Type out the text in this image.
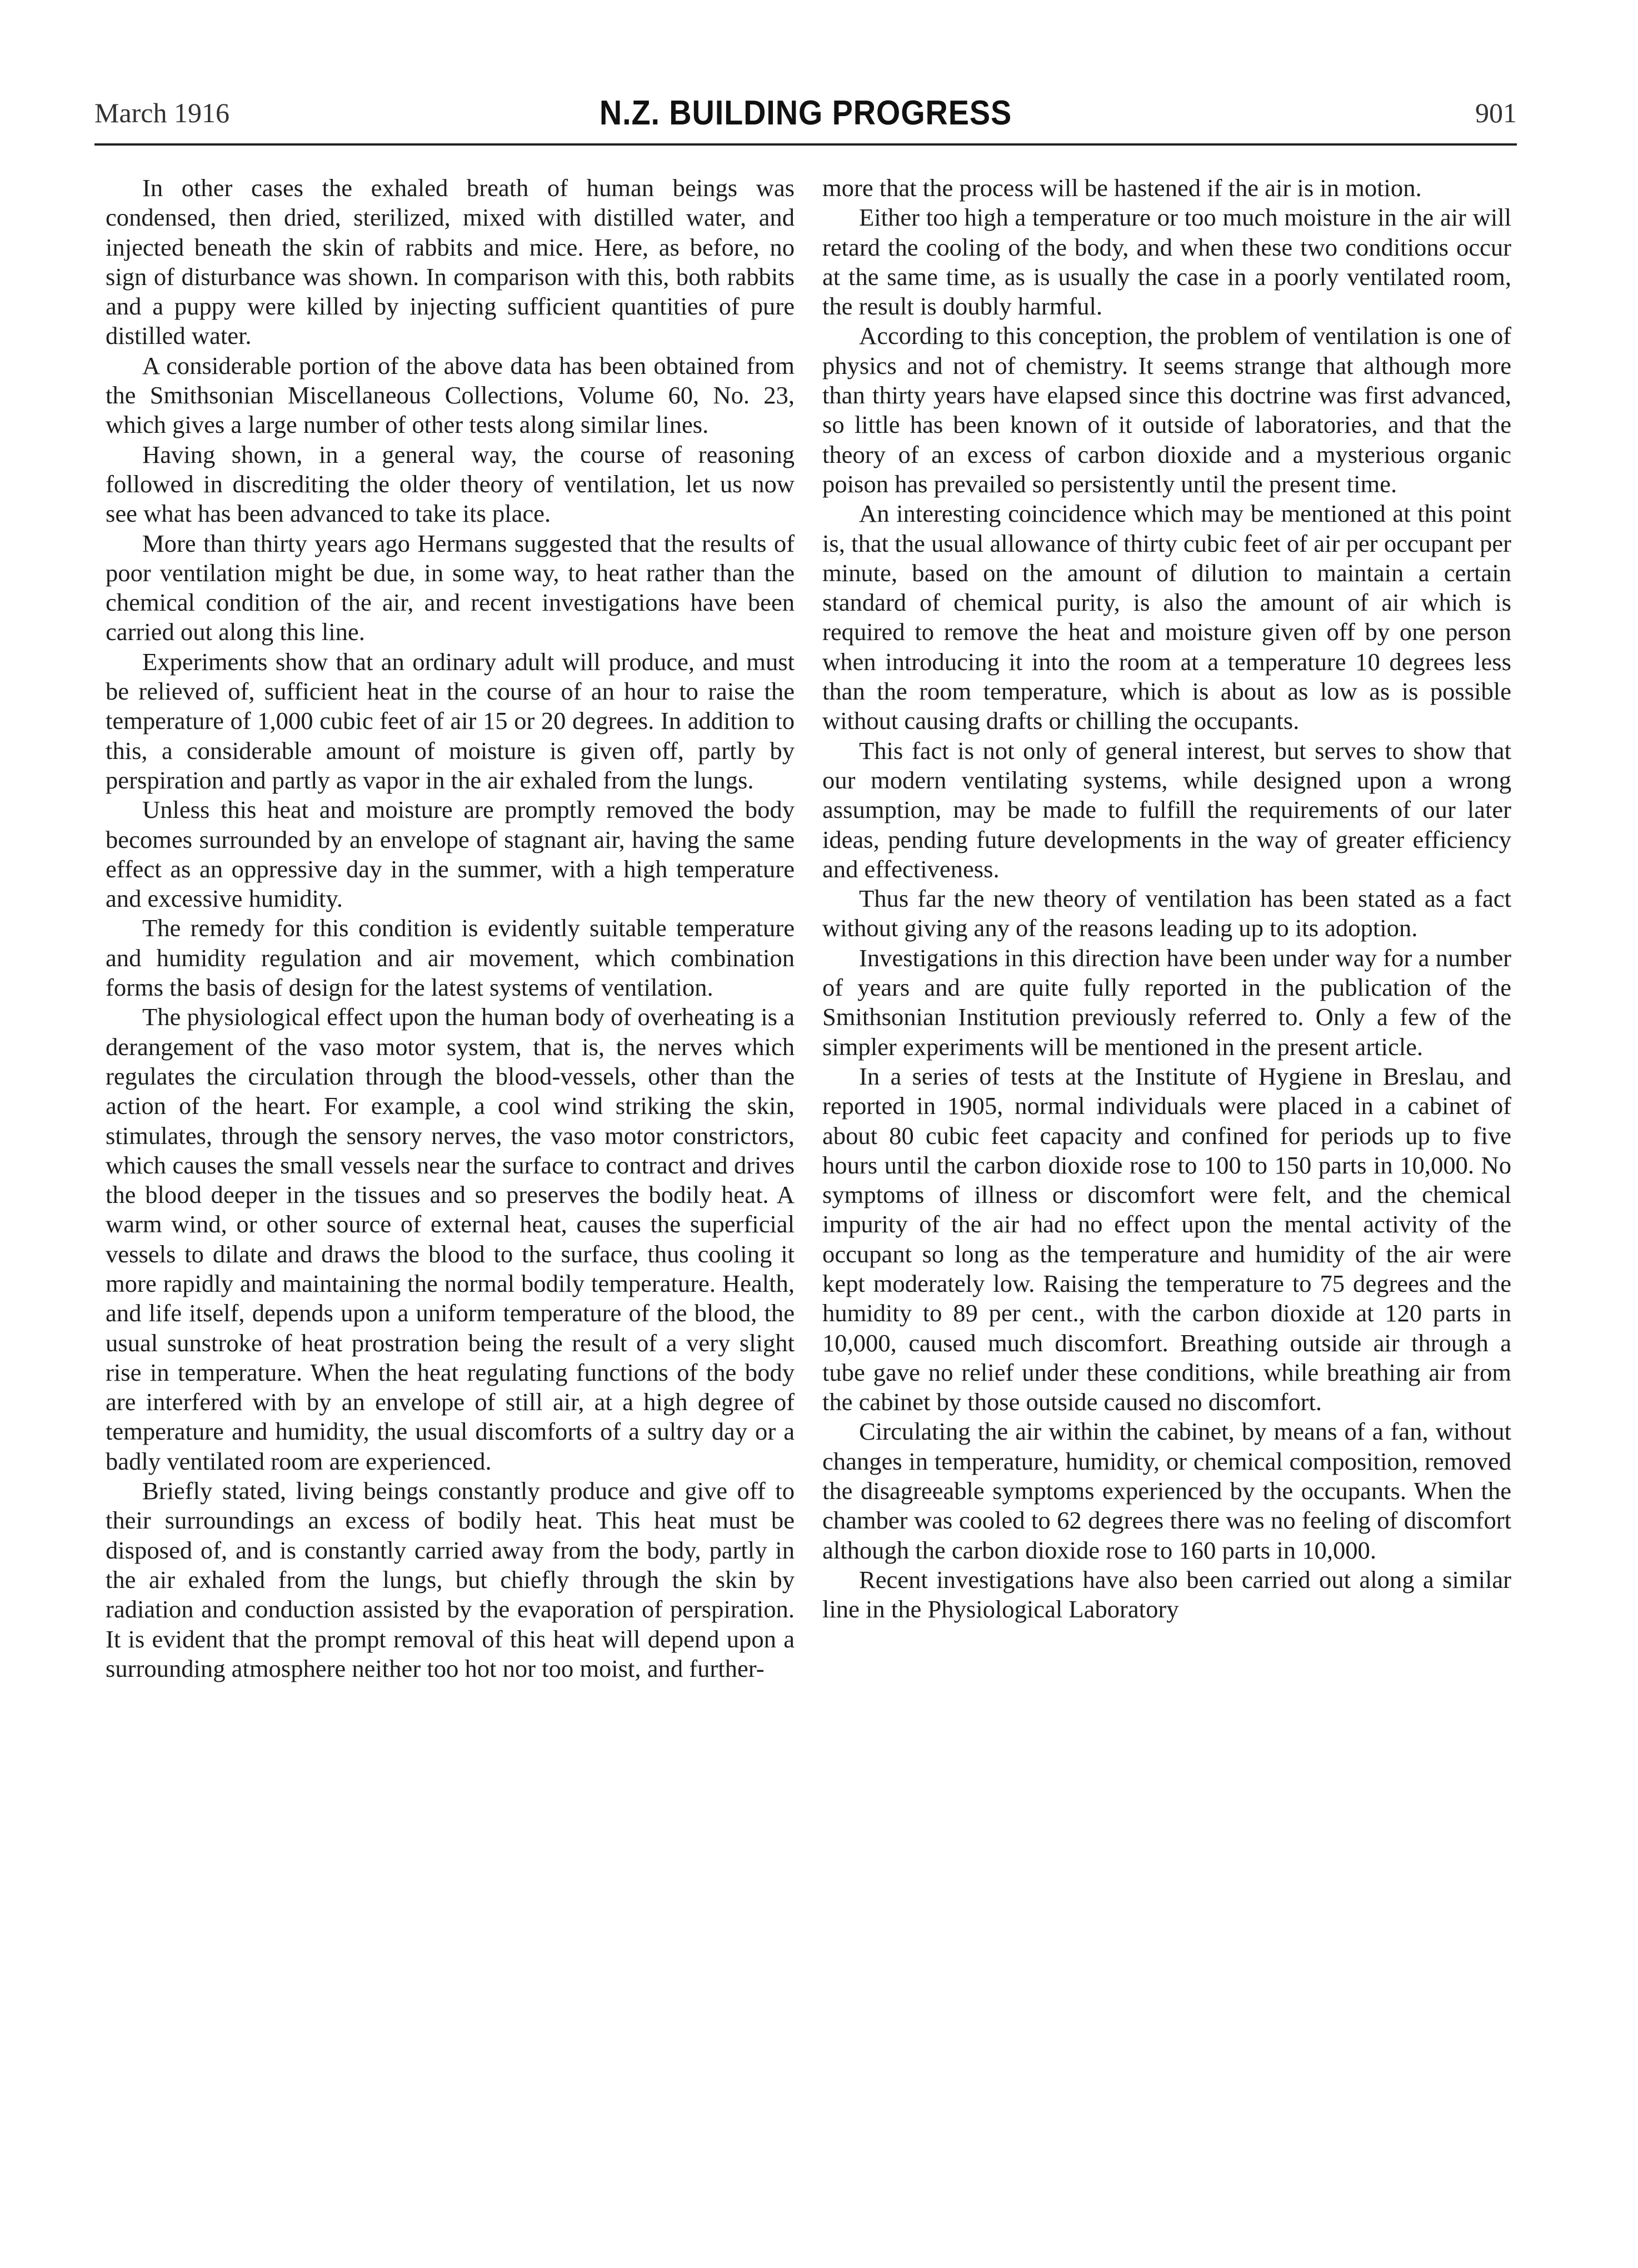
March 1916	N.Z. BUILDING PROGRESS	901

In other cases the exhaled breath of human beings was condensed, then dried, sterilized, mixed with distilled water, and injected beneath the skin of rabbits and mice. Here, as before, no sign of disturbance was shown. In comparison with this, both rabbits and a puppy were killed by injecting sufficient quantities of pure distilled water.

A considerable portion of the above data has been obtained from the Smithsonian Miscellaneous Collections, Volume 60, No. 23, which gives a large number of other tests along similar lines.

Having shown, in a general way, the course of reasoning followed in discrediting the older theory of ventilation, let us now see what has been advanced to take its place.

More than thirty years ago Hermans suggested that the results of poor ventilation might be due, in some way, to heat rather than the chemical condition of the air, and recent investigations have been carried out along this line.

Experiments show that an ordinary adult will produce, and must be relieved of, sufficient heat in the course of an hour to raise the temperature of 1,000 cubic feet of air 15 or 20 degrees. In addition to this, a considerable amount of moisture is given off, partly by perspiration and partly as vapor in the air exhaled from the lungs.

Unless this heat and moisture are promptly removed the body becomes surrounded by an envelope of stagnant air, having the same effect as an oppressive day in the summer, with a high temperature and excessive humidity.

The remedy for this condition is evidently suitable temperature and humidity regulation and air movement, which combination forms the basis of design for the latest systems of ventilation.

The physiological effect upon the human body of overheating is a derangement of the vaso motor system, that is, the nerves which regulates the circulation through the blood-vessels, other than the action of the heart. For example, a cool wind striking the skin, stimulates, through the sensory nerves, the vaso motor constrictors, which causes the small vessels near the surface to contract and drives the blood deeper in the tissues and so preserves the bodily heat. A warm wind, or other source of external heat, causes the superficial vessels to dilate and draws the blood to the surface, thus cooling it more rapidly and maintaining the normal bodily temperature. Health, and life itself, depends upon a uniform temperature of the blood, the usual sunstroke of heat prostration being the result of a very slight rise in temperature. When the heat regulating functions of the body are interfered with by an envelope of still air, at a high degree of temperature and humidity, the usual discomforts of a sultry day or a badly ventilated room are experienced.

Briefly stated, living beings constantly produce and give off to their surroundings an excess of bodily heat. This heat must be disposed of, and is constantly carried away from the body, partly in the air exhaled from the lungs, but chiefly through the skin by radiation and conduction assisted by the evaporation of perspiration. It is evident that the prompt removal of this heat will depend upon a surrounding atmosphere neither too hot nor too moist, and further-

more that the process will be hastened if the air is in motion.

Either too high a temperature or too much moisture in the air will retard the cooling of the body, and when these two conditions occur at the same time, as is usually the case in a poorly ventilated room, the result is doubly harmful.

According to this conception, the problem of ventilation is one of physics and not of chemistry. It seems strange that although more than thirty years have elapsed since this doctrine was first advanced, so little has been known of it outside of laboratories, and that the theory of an excess of carbon dioxide and a mysterious organic poison has prevailed so persistently until the present time.

An interesting coincidence which may be mentioned at this point is, that the usual allowance of thirty cubic feet of air per occupant per minute, based on the amount of dilution to maintain a certain standard of chemical purity, is also the amount of air which is required to remove the heat and moisture given off by one person when introducing it into the room at a temperature 10 degrees less than the room temperature, which is about as low as is possible without causing drafts or chilling the occupants.

This fact is not only of general interest, but serves to show that our modern ventilating systems, while designed upon a wrong assumption, may be made to fulfill the requirements of our later ideas, pending future developments in the way of greater efficiency and effectiveness.

Thus far the new theory of ventilation has been stated as a fact without giving any of the reasons leading up to its adoption.

Investigations in this direction have been under way for a number of years and are quite fully reported in the publication of the Smithsonian Institution previously referred to. Only a few of the simpler experiments will be mentioned in the present article.

In a series of tests at the Institute of Hygiene in Breslau, and reported in 1905, normal individuals were placed in a cabinet of about 80 cubic feet capacity and confined for periods up to five hours until the carbon dioxide rose to 100 to 150 parts in 10,000. No symptoms of illness or discomfort were felt, and the chemical impurity of the air had no effect upon the mental activity of the occupant so long as the temperature and humidity of the air were kept moderately low. Raising the temperature to 75 degrees and the humidity to 89 per cent., with the carbon dioxide at 120 parts in 10,000, caused much discomfort. Breathing outside air through a tube gave no relief under these conditions, while breathing air from the cabinet by those outside caused no discomfort.

Circulating the air within the cabinet, by means of a fan, without changes in temperature, humidity, or chemical composition, removed the disagreeable symptoms experienced by the occupants. When the chamber was cooled to 62 degrees there was no feeling of discomfort although the carbon dioxide rose to 160 parts in 10,000.

Recent investigations have also been carried out along a similar line in the Physiological Laboratory
